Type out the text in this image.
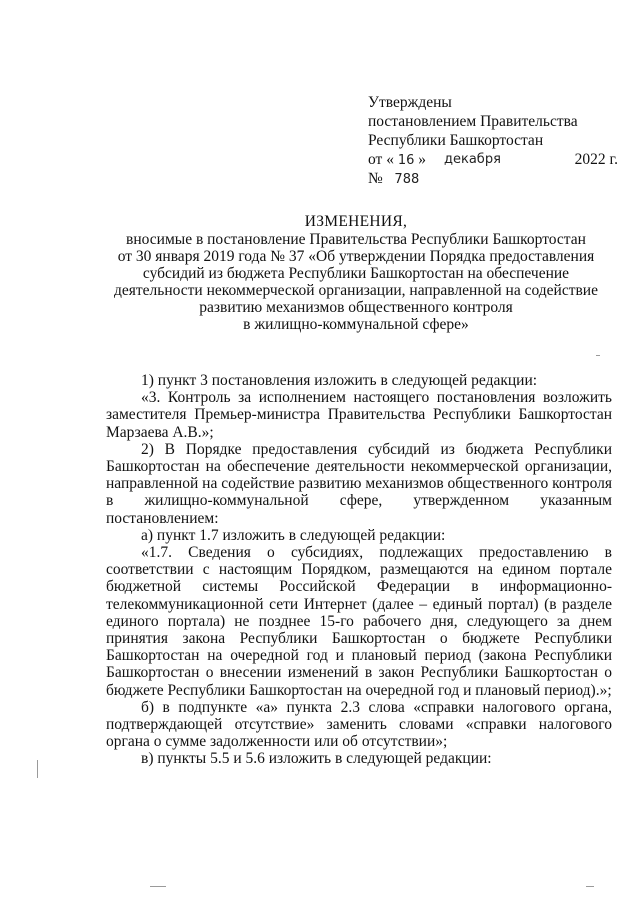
Утверждены
постановлением Правительства
Республики Башкортостан
от « 16 » декабря	2022 г.
№ 788
ИЗМЕНЕНИЯ,
вносимые в постановление Правительства Республики Башкортостан
от 30 января 2019 года № 37 «Об утверждении Порядка предоставления
субсидий из бюджета Республики Башкортостан на обеспечение
деятельности некоммерческой организации, направленной на содействие
развитию механизмов общественного контроля
в жилищно-коммунальной сфере»

1) пункт 3 постановления изложить в следующей редакции:

«3. Контроль за исполнением настоящего постановления возложить заместителя Премьер-министра Правительства Республики Башкортостан Марзаева А.В.»;

2) В Порядке предоставления субсидий из бюджета Республики Башкортостан на обеспечение деятельности некоммерческой организации, направленной на содействие развитию механизмов общественного контроля в жилищно-коммунальной сфере, утвержденном указанным постановлением:

а) пункт 1.7 изложить в следующей редакции:

«1.7. Сведения о субсидиях, подлежащих предоставлению в соответствии с настоящим Порядком, размещаются на едином портале бюджетной системы Российской Федерации в информационно-телекоммуникационной сети Интернет (далее – единый портал) (в разделе единого портала) не позднее 15-го рабочего дня, следующего за днем принятия закона Республики Башкортостан о бюджете Республики Башкортостан на очередной год и плановый период (закона Республики Башкортостан о внесении изменений в закон Республики Башкортостан о бюджете Республики Башкортостан на очередной год и плановый период).»;

б) в подпункте «а» пункта 2.3 слова «справки налогового органа, подтверждающей отсутствие» заменить словами «справки налогового органа о сумме задолженности или об отсутствии»;

в) пункты 5.5 и 5.6 изложить в следующей редакции:
